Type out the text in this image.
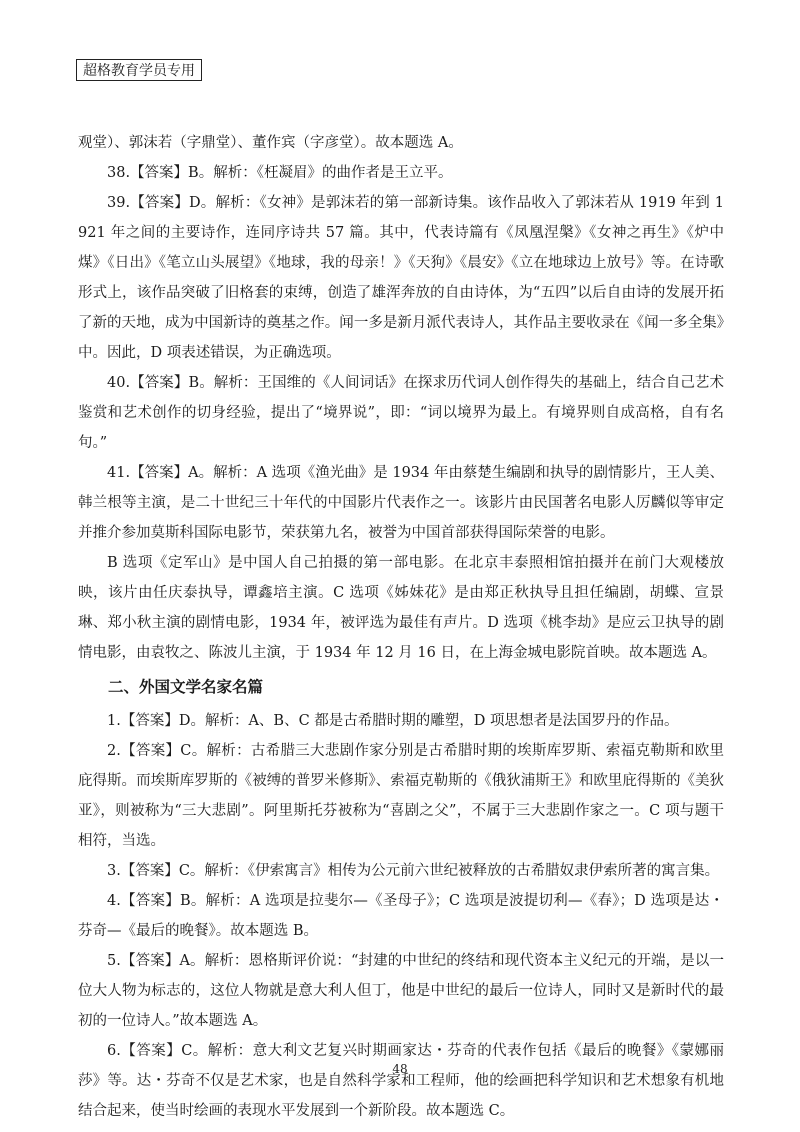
超格教育学员专用

观堂）、郭沫若（字鼎堂）、董作宾（字彦堂）。故本题选 A。

38.【答案】B。解析：《枉凝眉》的曲作者是王立平。

39.【答案】D。解析：《女神》是郭沫若的第一部新诗集。该作品收入了郭沫若从 1919 年到 1921 年之间的主要诗作，连同序诗共 57 篇。其中，代表诗篇有《凤凰涅槃》《女神之再生》《炉中煤》《日出》《笔立山头展望》《地球，我的母亲！》《天狗》《晨安》《立在地球边上放号》等。在诗歌形式上，该作品突破了旧格套的束缚，创造了雄浑奔放的自由诗体，为“五四”以后自由诗的发展开拓了新的天地，成为中国新诗的奠基之作。闻一多是新月派代表诗人，其作品主要收录在《闻一多全集》中。因此，D 项表述错误，为正确选项。

40.【答案】B。解析：王国维的《人间词话》在探求历代词人创作得失的基础上，结合自己艺术鉴赏和艺术创作的切身经验，提出了“境界说”，即：“词以境界为最上。有境界则自成高格，自有名句。”

41.【答案】A。解析：A 选项《渔光曲》是 1934 年由蔡楚生编剧和执导的剧情影片，王人美、韩兰根等主演，是二十世纪三十年代的中国影片代表作之一。该影片由民国著名电影人厉麟似等审定并推介参加莫斯科国际电影节，荣获第九名，被誉为中国首部获得国际荣誉的电影。

B 选项《定军山》是中国人自己拍摄的第一部电影。在北京丰泰照相馆拍摄并在前门大观楼放映，该片由任庆泰执导，谭鑫培主演。C 选项《姊妹花》是由郑正秋执导且担任编剧，胡蝶、宣景琳、郑小秋主演的剧情电影，1934 年，被评选为最佳有声片。D 选项《桃李劫》是应云卫执导的剧情电影，由袁牧之、陈波儿主演，于 1934 年 12 月 16 日，在上海金城电影院首映。故本题选 A。

二、外国文学名家名篇

1.【答案】D。解析：A、B、C 都是古希腊时期的雕塑，D 项思想者是法国罗丹的作品。

2.【答案】C。解析：古希腊三大悲剧作家分别是古希腊时期的埃斯库罗斯、索福克勒斯和欧里庇得斯。而埃斯库罗斯的《被缚的普罗米修斯》、索福克勒斯的《俄狄浦斯王》和欧里庇得斯的《美狄亚》，则被称为“三大悲剧”。阿里斯托芬被称为“喜剧之父”，不属于三大悲剧作家之一。C 项与题干相符，当选。

3.【答案】C。解析：《伊索寓言》相传为公元前六世纪被释放的古希腊奴隶伊索所著的寓言集。

4.【答案】B。解析：A 选项是拉斐尔—《圣母子》；C 选项是波提切利—《春》；D 选项是达・芬奇—《最后的晚餐》。故本题选 B。

5.【答案】A。解析：恩格斯评价说：“封建的中世纪的终结和现代资本主义纪元的开端，是以一位大人物为标志的，这位人物就是意大利人但丁，他是中世纪的最后一位诗人，同时又是新时代的最初的一位诗人。”故本题选 A。

6.【答案】C。解析：意大利文艺复兴时期画家达・芬奇的代表作包括《最后的晚餐》《蒙娜丽莎》等。达・芬奇不仅是艺术家，也是自然科学家和工程师，他的绘画把科学知识和艺术想象有机地结合起来，使当时绘画的表现水平发展到一个新阶段。故本题选 C。

48
